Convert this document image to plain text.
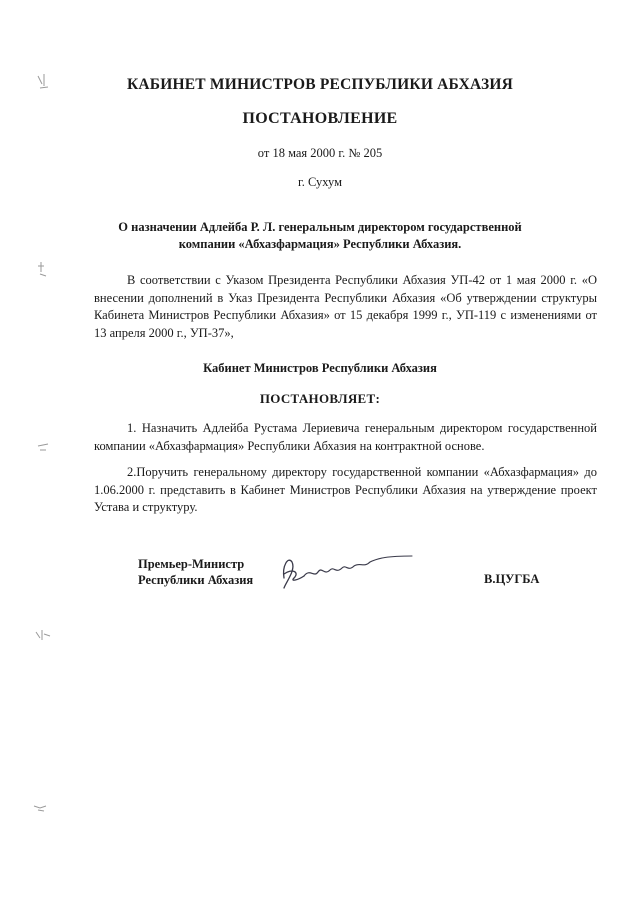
КАБИНЕТ МИНИСТРОВ РЕСПУБЛИКИ АБХАЗИЯ
ПОСТАНОВЛЕНИЕ
от 18 мая 2000 г. № 205
г. Сухум
О назначении Адлейба Р. Л. генеральным директором государственной
компании «Абхазфармация» Республики Абхазия.

В соответствии с Указом Президента Республики Абхазия УП-42 от 1 мая 2000 г. «О внесении дополнений в Указ Президента Республики Абхазия «Об утверждении структуры Кабинета Министров Республики Абхазия» от 15 декабря 1999 г., УП-119 с изменениями от 13 апреля 2000 г., УП-37»,

Кабинет Министров Республики Абхазия
ПОСТАНОВЛЯЕТ:

1. Назначить Адлейба Рустама Лериевича генеральным директором государственной компании «Абхазфармация» Республики Абхазия на контрактной основе.

2.Поручить генеральному директору государственной компании «Абхазфармация» до 1.06.2000 г. представить в Кабинет Министров Республики Абхазия на утверждение проект Устава и структуру.

Премьер-Министр
Республики Абхазия	В.ЦУГБА
